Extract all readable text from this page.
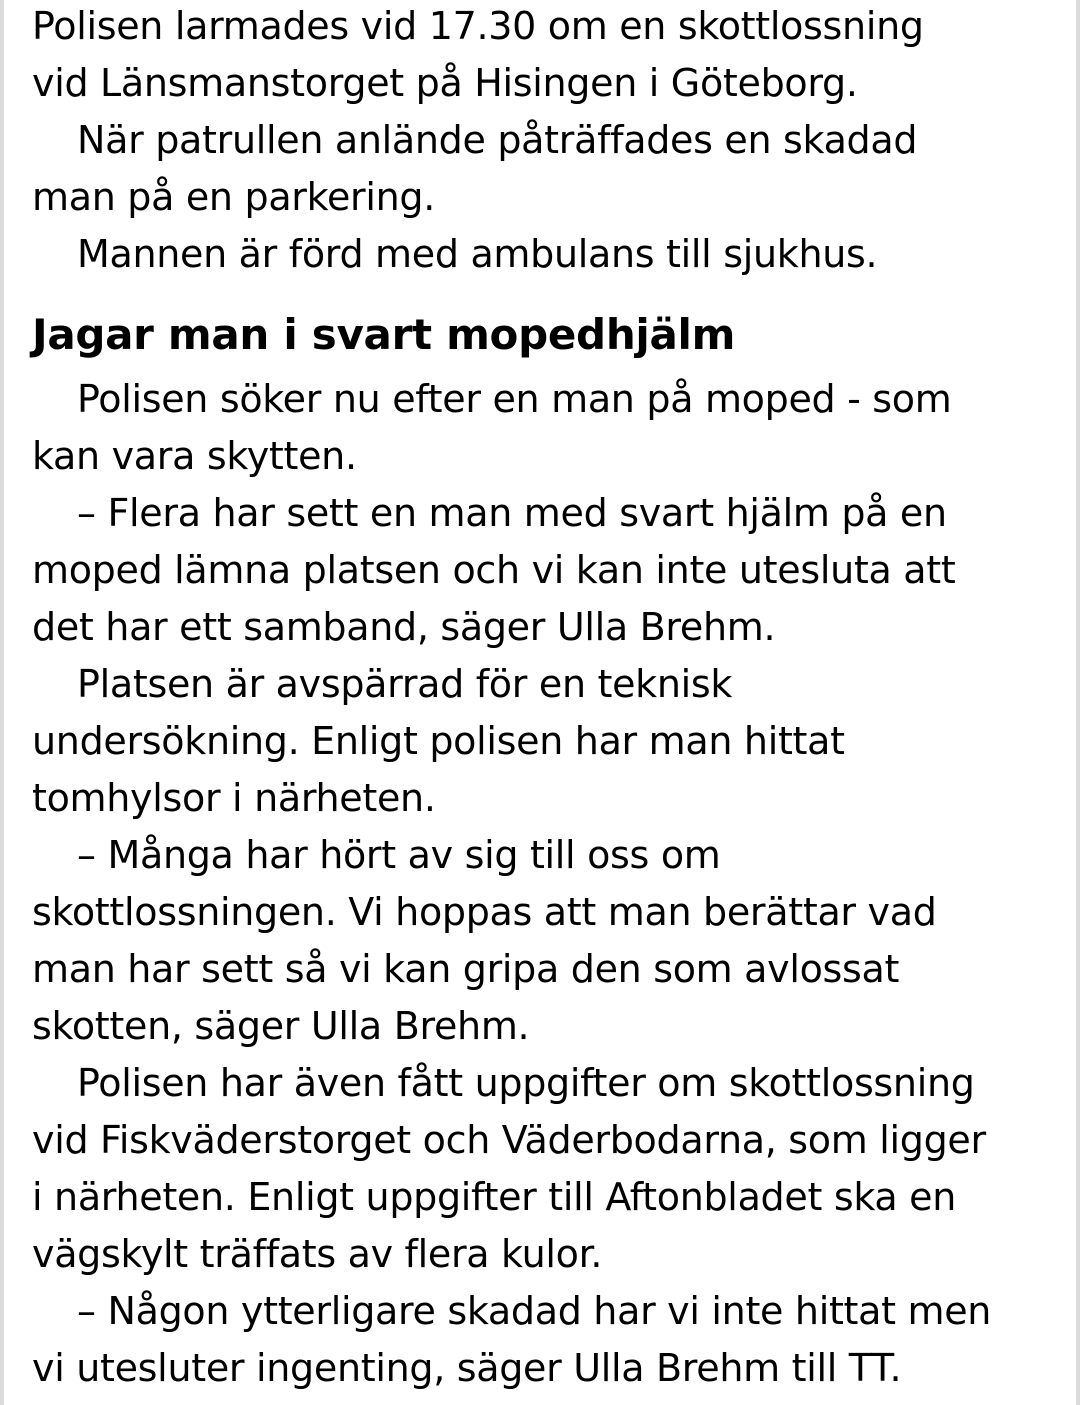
Polisen larmades vid 17.30 om en skottlossning
vid Länsmanstorget på Hisingen i Göteborg.

När patrullen anlände påträffades en skadad
man på en parkering.

Mannen är förd med ambulans till sjukhus.

Jagar man i svart mopedhjälm

Polisen söker nu efter en man på moped - som
kan vara skytten.

– Flera har sett en man med svart hjälm på en
moped lämna platsen och vi kan inte utesluta att
det har ett samband, säger Ulla Brehm.

Platsen är avspärrad för en teknisk
undersökning. Enligt polisen har man hittat
tomhylsor i närheten.

– Många har hört av sig till oss om
skottlossningen. Vi hoppas att man berättar vad
man har sett så vi kan gripa den som avlossat
skotten, säger Ulla Brehm.

Polisen har även fått uppgifter om skottlossning
vid Fiskväderstorget och Väderbodarna, som ligger
i närheten. Enligt uppgifter till Aftonbladet ska en
vägskylt träffats av flera kulor.

– Någon ytterligare skadad har vi inte hittat men
vi utesluter ingenting, säger Ulla Brehm till TT.
